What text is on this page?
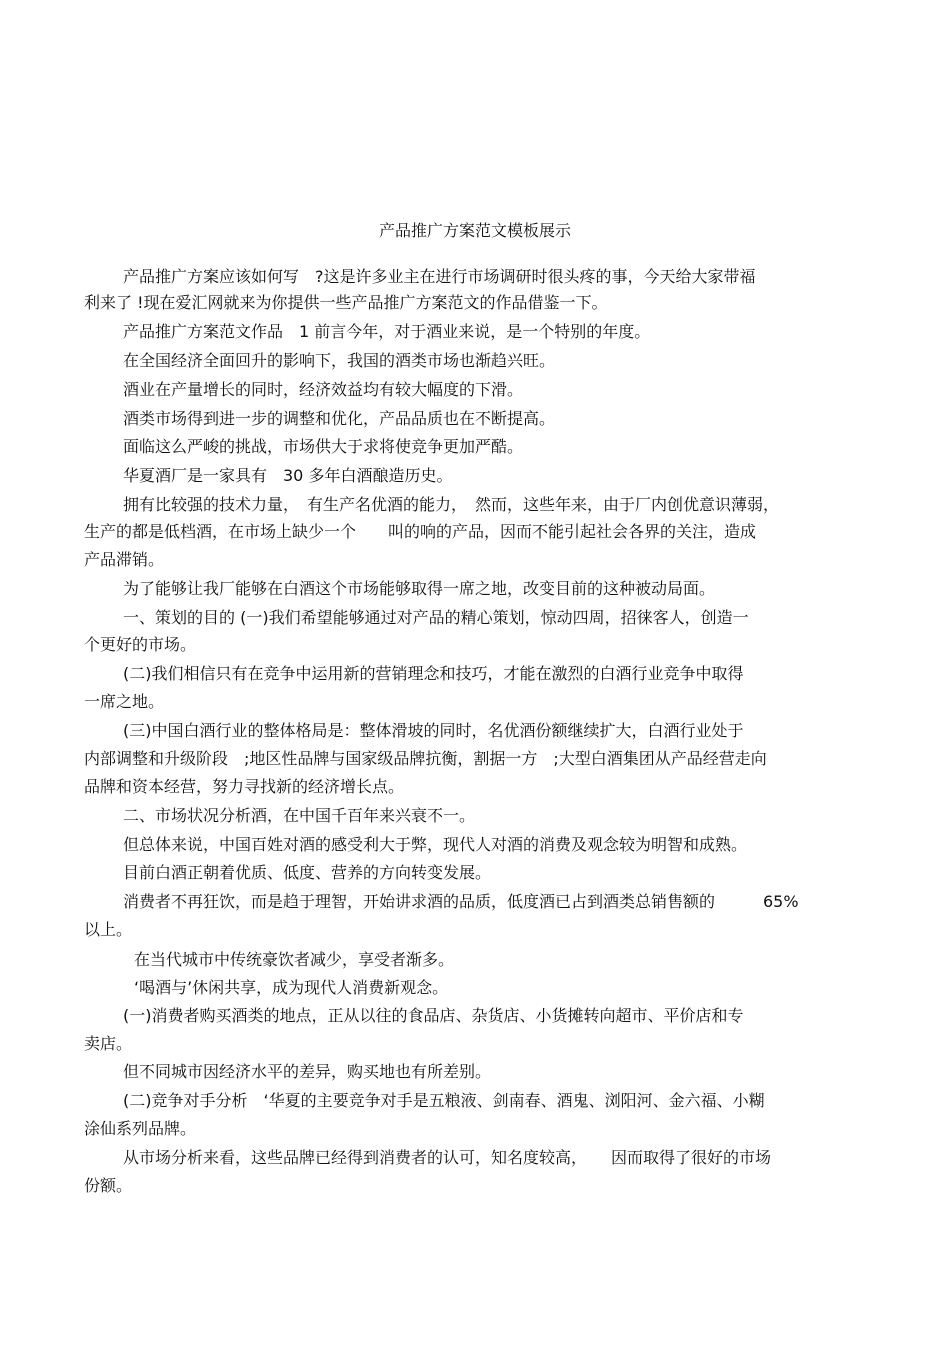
产品推广方案范文模板展示
产品推广方案应该如何写　?这是许多业主在进行市场调研时很头疼的事，今天给大家带福
利来了 !现在爱汇网就来为你提供一些产品推广方案范文的作品借鉴一下。
产品推广方案范文作品　1 前言今年，对于酒业来说，是一个特别的年度。
在全国经济全面回升的影响下，我国的酒类市场也渐趋兴旺。
酒业在产量增长的同时，经济效益均有较大幅度的下滑。
酒类市场得到进一步的调整和优化，产品品质也在不断提高。
面临这么严峻的挑战，市场供大于求将使竞争更加严酷。
华夏酒厂是一家具有　30 多年白酒酿造历史。
拥有比较强的技术力量，　有生产名优酒的能力，　然而，这些年来，由于厂内创优意识薄弱，
生产的都是低档酒，在市场上缺少一个　　叫的响的产品，因而不能引起社会各界的关注，造成
产品滞销。
为了能够让我厂能够在白酒这个市场能够取得一席之地，改变目前的这种被动局面。
一、策划的目的 (一)我们希望能够通过对产品的精心策划，惊动四周，招徕客人，创造一
个更好的市场。
(二)我们相信只有在竞争中运用新的营销理念和技巧，才能在激烈的白酒行业竞争中取得
一席之地。
(三)中国白酒行业的整体格局是：整体滑坡的同时，名优酒份额继续扩大，白酒行业处于
内部调整和升级阶段　;地区性品牌与国家级品牌抗衡，割据一方　;大型白酒集团从产品经营走向
品牌和资本经营，努力寻找新的经济增长点。
二、市场状况分析酒，在中国千百年来兴衰不一。
但总体来说，中国百姓对酒的感受利大于弊，现代人对酒的消费及观念较为明智和成熟。
目前白酒正朝着优质、低度、营养的方向转变发展。
消费者不再狂饮，而是趋于理智，开始讲求酒的品质，低度酒已占到酒类总销售额的　　　65%
以上。
在当代城市中传统豪饮者减少，享受者渐多。
‘喝酒与’休闲共享，成为现代人消费新观念。
(一)消费者购买酒类的地点，正从以往的食品店、杂货店、小货摊转向超市、平价店和专
卖店。
但不同城市因经济水平的差异，购买地也有所差别。
(二)竞争对手分析　‘华夏的主要竞争对手是五粮液、剑南春、酒鬼、浏阳河、金六福、小糊
涂仙系列品牌。
从市场分析来看，这些品牌已经得到消费者的认可，知名度较高，　　因而取得了很好的市场
份额。
